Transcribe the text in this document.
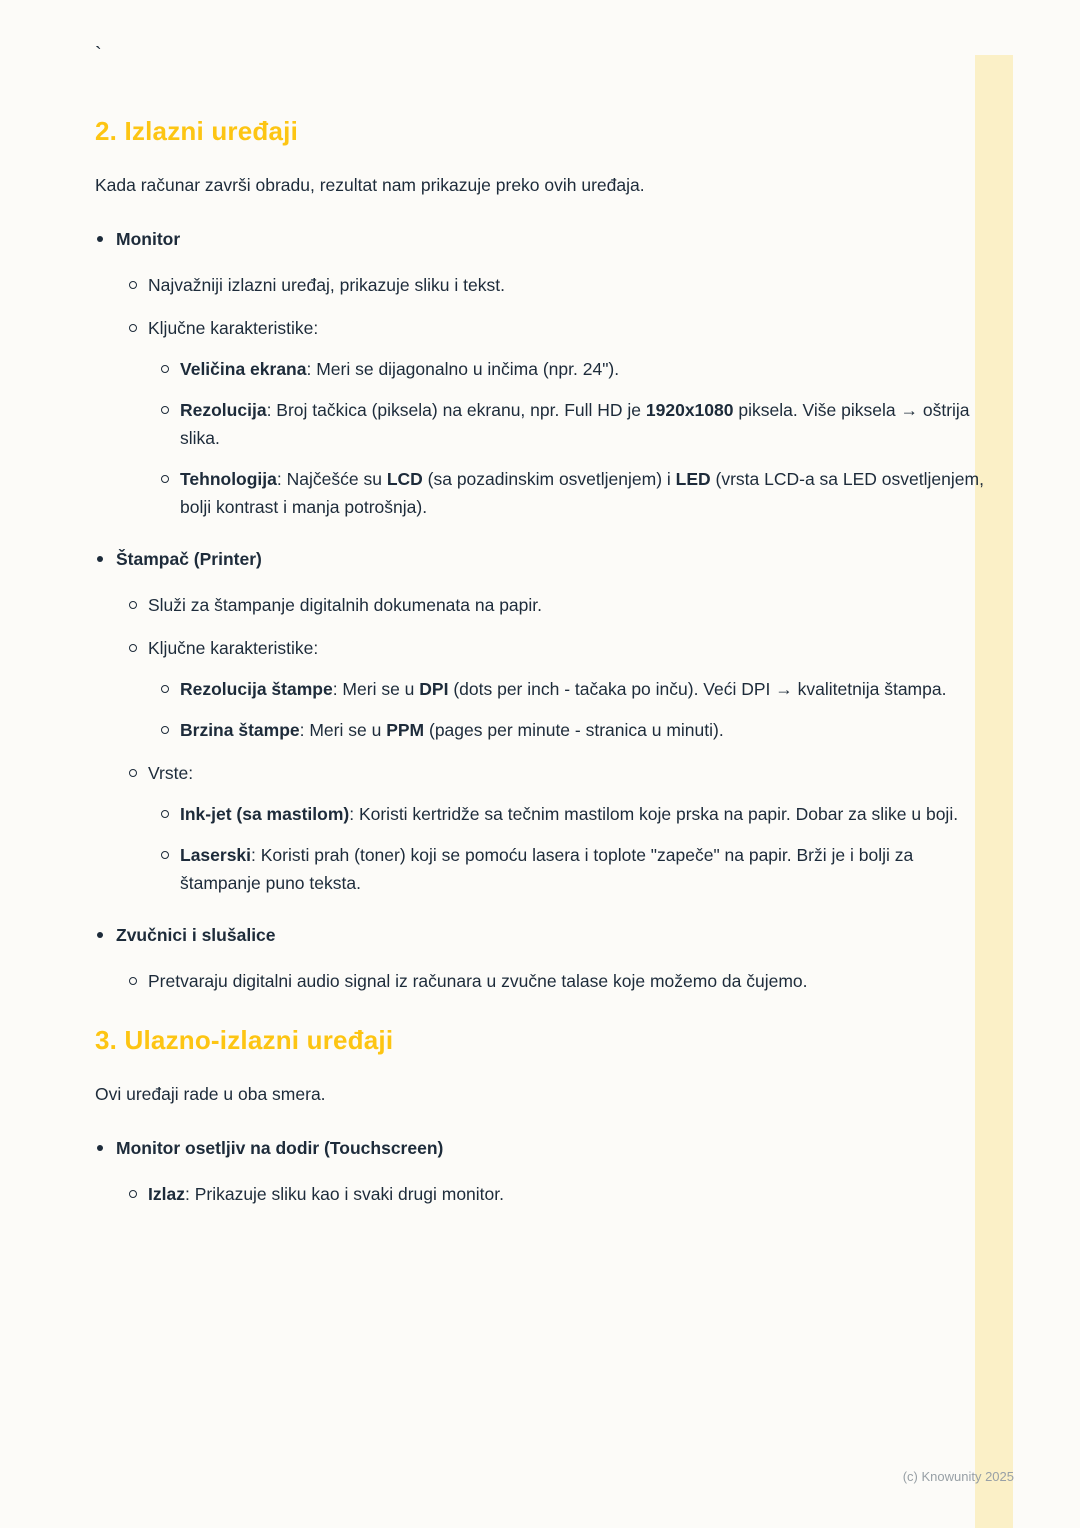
`
2. Izlazni uređaji

Kada računar završi obradu, rezultat nam prikazuje preko ovih uređaja.

Monitor
Najvažniji izlazni uređaj, prikazuje sliku i tekst.
Ključne karakteristike:
Veličina ekrana: Meri se dijagonalno u inčima (npr. 24").
Rezolucija: Broj tačkica (piksela) na ekranu, npr. Full HD je 1920x1080 piksela. Više piksela → oštrija slika.
Tehnologija: Najčešće su LCD (sa pozadinskim osvetljenjem) i LED (vrsta LCD-a sa LED osvetljenjem, bolji kontrast i manja potrošnja).
Štampač (Printer)
Služi za štampanje digitalnih dokumenata na papir.
Ključne karakteristike:
Rezolucija štampe: Meri se u DPI (dots per inch - tačaka po inču). Veći DPI → kvalitetnija štampa.
Brzina štampe: Meri se u PPM (pages per minute - stranica u minuti).
Vrste:
Ink-jet (sa mastilom): Koristi kertridže sa tečnim mastilom koje prska na papir. Dobar za slike u boji.
Laserski: Koristi prah (toner) koji se pomoću lasera i toplote "zapeče" na papir. Brži je i bolji za štampanje puno teksta.
Zvučnici i slušalice
Pretvaraju digitalni audio signal iz računara u zvučne talase koje možemo da čujemo.
3. Ulazno-izlazni uređaji

Ovi uređaji rade u oba smera.

Monitor osetljiv na dodir (Touchscreen)
Izlaz: Prikazuje sliku kao i svaki drugi monitor.
(c) Knowunity 2025
